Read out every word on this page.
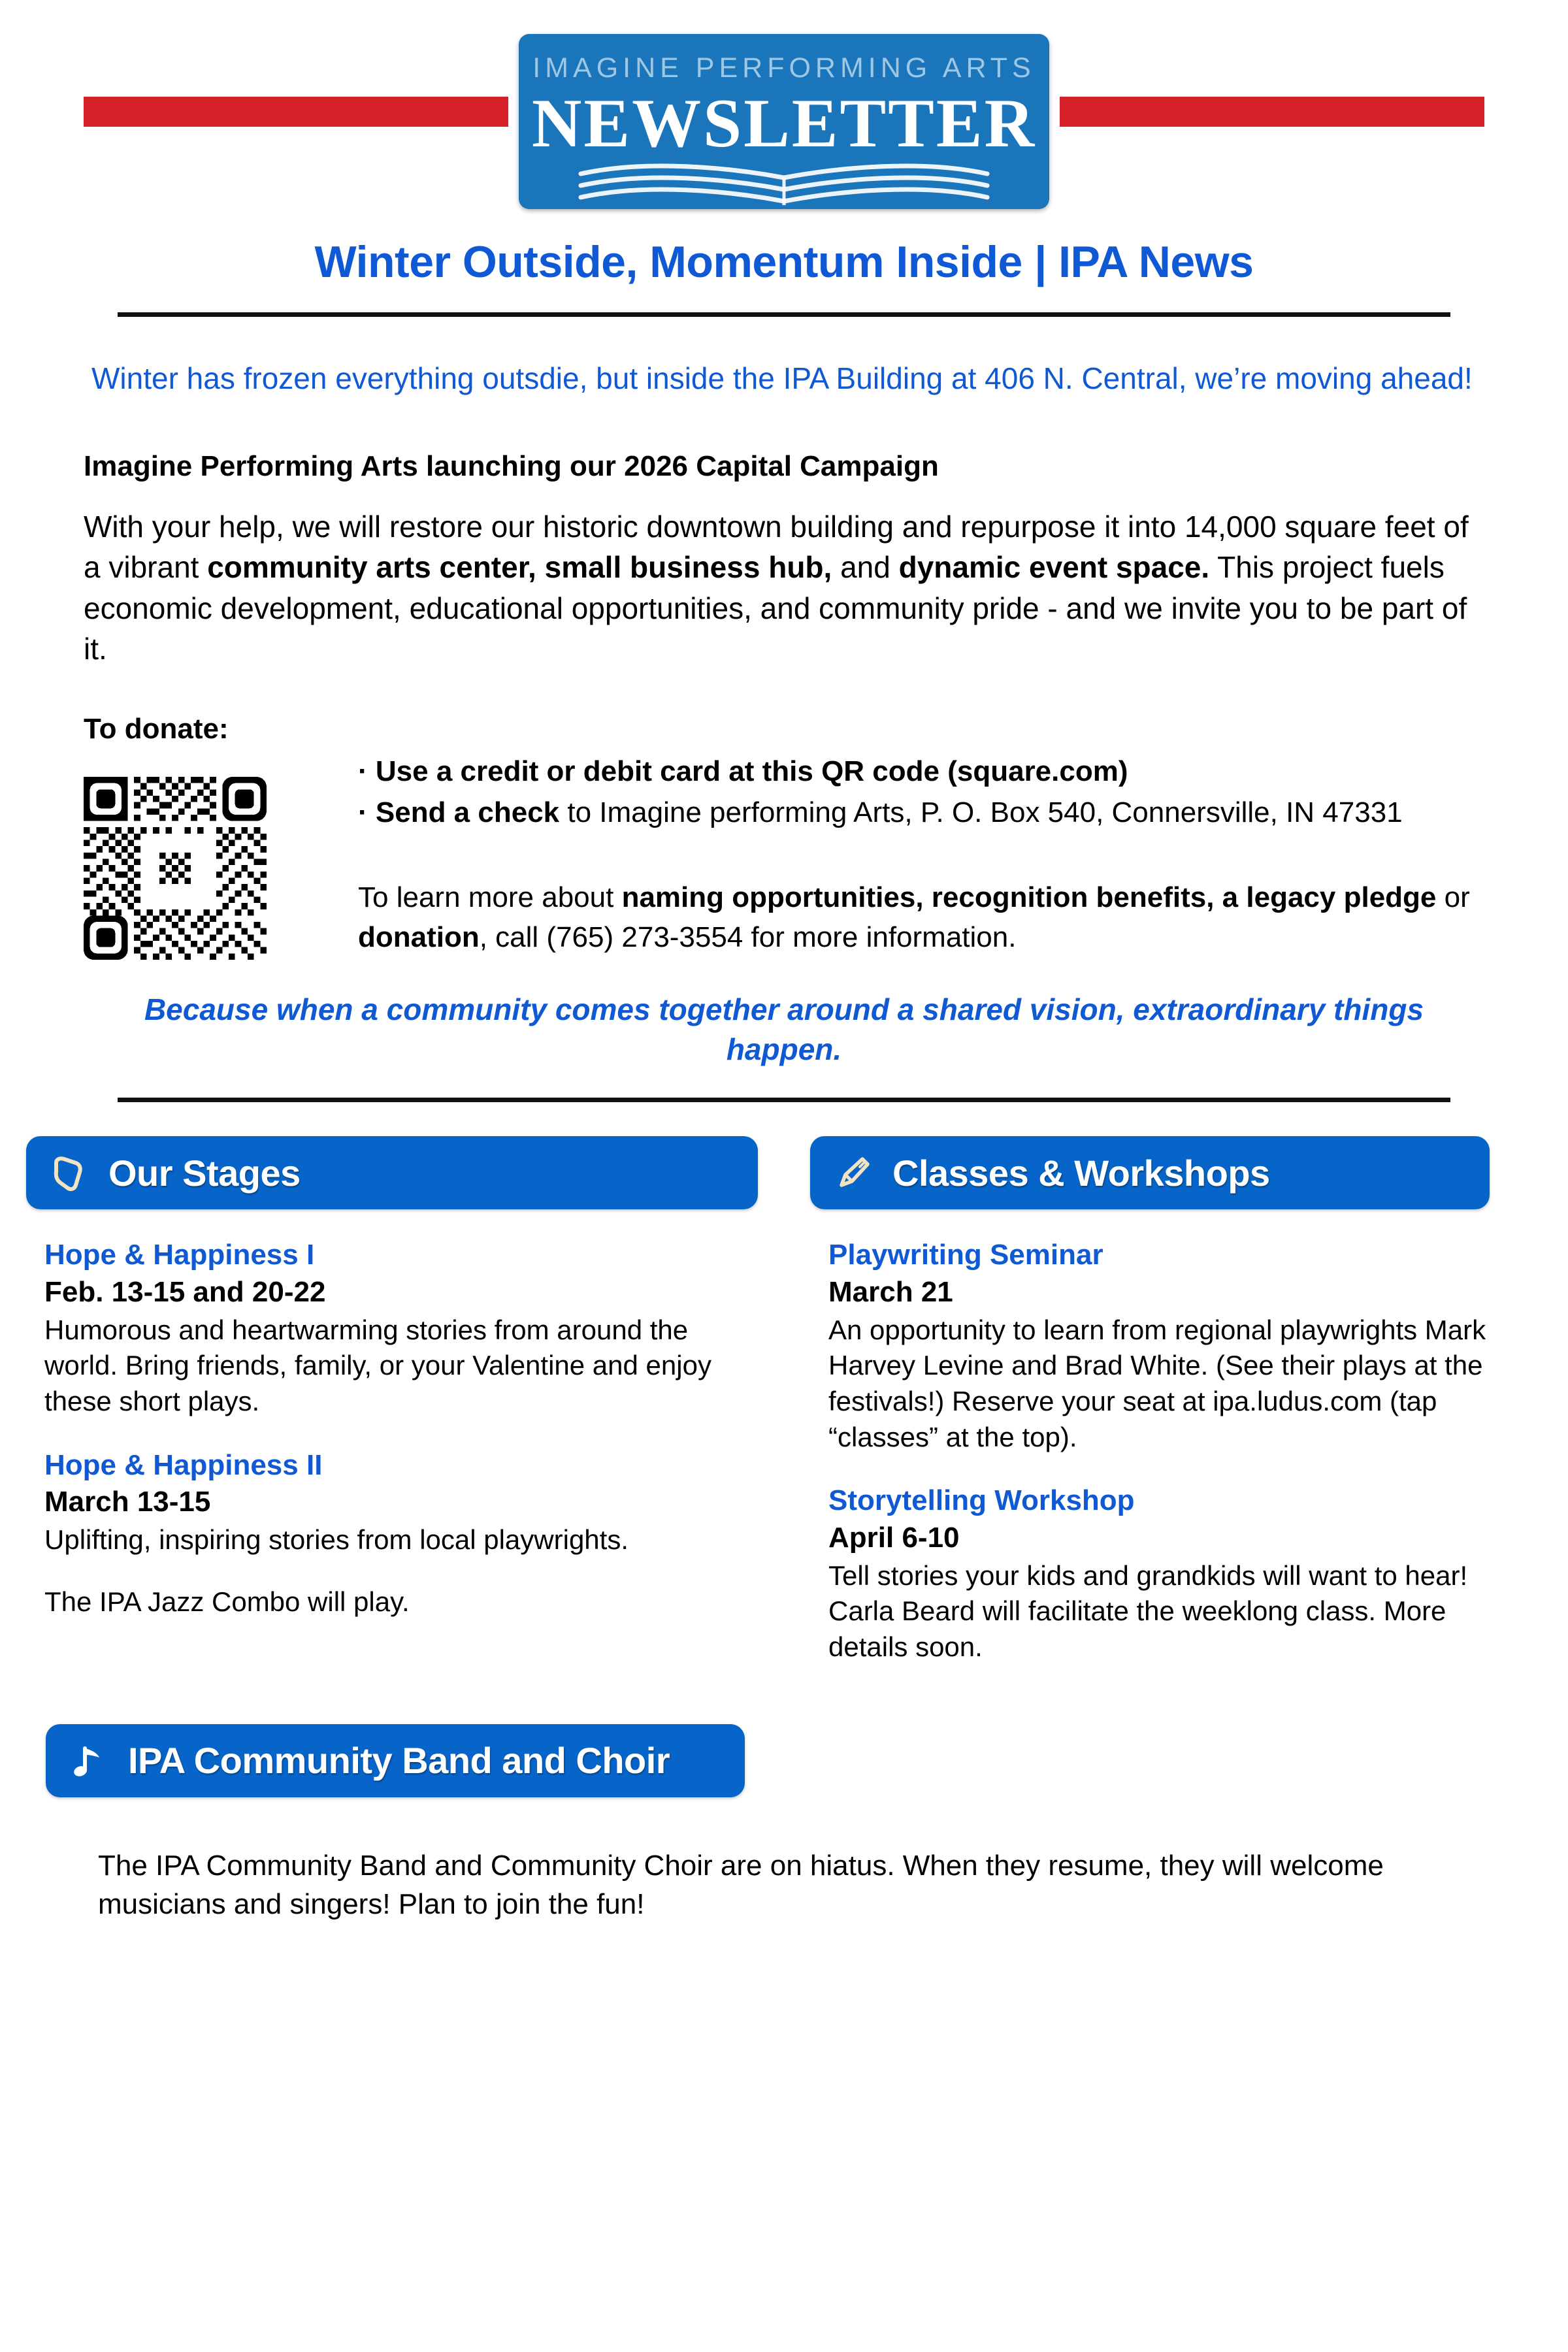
IMAGINE PERFORMING ARTS
NEWSLETTER
Winter Outside, Momentum Inside | IPA News
Winter has frozen everything outsdie, but inside the IPA Building at 406 N. Central, we’re moving ahead!
Imagine Performing Arts launching our 2026 Capital Campaign
With your help, we will restore our historic downtown building and repurpose it into 14,000 square feet of a vibrant community arts center, small business hub, and dynamic event space. This project fuels economic development, educational opportunities, and community pride - and we invite you to be part of it.
To donate:
· Use a credit or debit card at this QR code (square.com)
· Send a check to Imagine performing Arts, P. O. Box 540, Connersville, IN 47331
To learn more about naming opportunities, recognition benefits, a legacy pledge or donation, call (765) 273-3554 for more information.
Because when a community comes together around a shared vision, extraordinary things happen.
Our Stages
Hope & Happiness I
Feb. 13-15 and 20-22
Humorous and heartwarming stories from around the world. Bring friends, family, or your Valentine and enjoy these short plays.
Hope & Happiness II
March 13-15
Uplifting, inspiring stories from local playwrights.
The IPA Jazz Combo will play.
Classes & Workshops
Playwriting Seminar
March 21
An opportunity to learn from regional playwrights Mark Harvey Levine and Brad White. (See their plays at the festivals!) Reserve your seat at ipa.ludus.com (tap “classes” at the top).
Storytelling Workshop
April 6-10
Tell stories your kids and grandkids will want to hear! Carla Beard will facilitate the weeklong class. More details soon.
IPA Community Band and Choir
The IPA Community Band and Community Choir are on hiatus. When they resume, they will welcome musicians and singers! Plan to join the fun!
